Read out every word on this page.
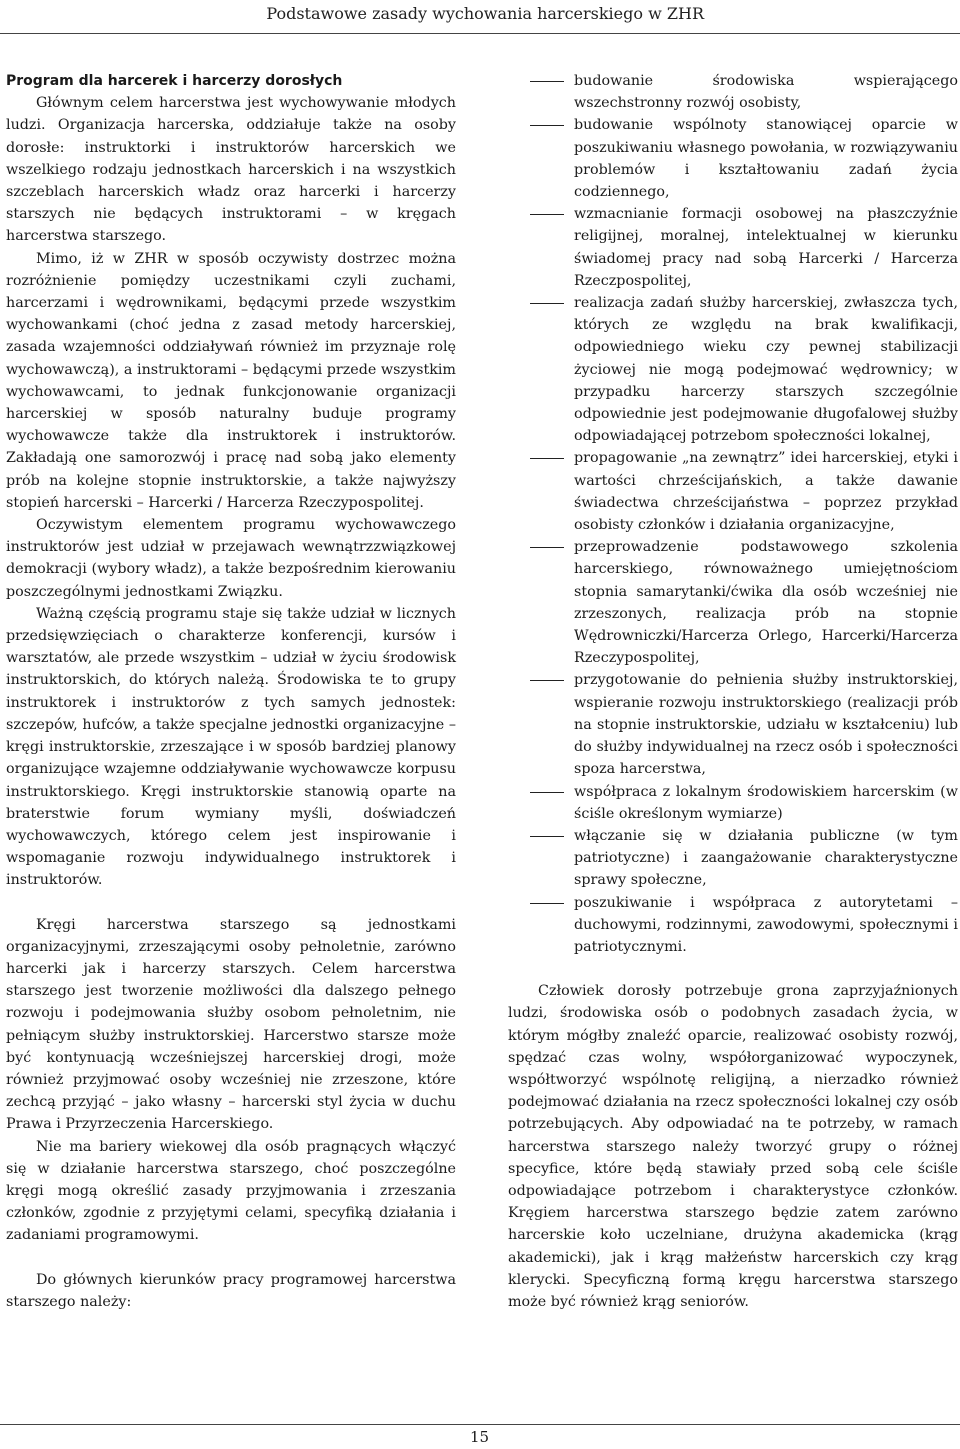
Podstawowe zasady wychowania harcerskiego w ZHR

Program dla harcerek i harcerzy dorosłych

Głównym celem harcerstwa jest wychowywanie młodych ludzi. Organizacja harcerska, oddziałuje także na osoby dorosłe: instruktorki i instruktorów harcerskich we wszelkiego rodzaju jednostkach harcerskich i na wszystkich szczeblach harcerskich władz oraz harcerki i harcerzy starszych nie będących instruktorami – w kręgach harcerstwa starszego.

Mimo, iż w ZHR w sposób oczywisty dostrzec można rozróżnienie pomiędzy uczestnikami czyli zuchami, harcerzami i wędrownikami, będącymi przede wszystkim wychowankami (choć jedna z zasad metody harcerskiej, zasada wzajemności oddziaływań również im przyznaje rolę wychowawczą), a instruktorami – będącymi przede wszystkim wychowawcami, to jednak funkcjonowanie organizacji harcerskiej w sposób naturalny buduje programy wychowawcze także dla instruktorek i instruktorów. Zakładają one samorozwój i pracę nad sobą jako elementy prób na kolejne stopnie instruktorskie, a także najwyższy stopień harcerski – Harcerki / Harcerza Rzeczypospolitej.

Oczywistym elementem programu wychowawczego instruktorów jest udział w przejawach wewnątrzzwiązkowej demokracji (wybory władz), a także bezpośrednim kierowaniu poszczególnymi jednostkami Związku.

Ważną częścią programu staje się także udział w licznych przedsięwzięciach o charakterze konferencji, kursów i warsztatów, ale przede wszystkim – udział w życiu środowisk instruktorskich, do których należą. Środowiska te to grupy instruktorek i instruktorów z tych samych jednostek: szczepów, hufców, a także specjalne jednostki organizacyjne – kręgi instruktorskie, zrzeszające i w sposób bardziej planowy organizujące wzajemne oddziaływanie wychowawcze korpusu instruktorskiego. Kręgi instruktorskie stanowią oparte na braterstwie forum wymiany myśli, doświadczeń wychowawczych, którego celem jest inspirowanie i wspomaganie rozwoju indywidualnego instruktorek i instruktorów.

Kręgi harcerstwa starszego są jednostkami organizacyjnymi, zrzeszającymi osoby pełnoletnie, zarówno harcerki jak i harcerzy starszych. Celem harcerstwa starszego jest tworzenie możliwości dla dalszego pełnego rozwoju i podejmowania służby osobom pełnoletnim, nie pełniącym służby instruktorskiej. Harcerstwo starsze może być kontynuacją wcześniejszej harcerskiej drogi, może również przyjmować osoby wcześniej nie zrzeszone, które zechcą przyjąć – jako własny – harcerski styl życia w duchu Prawa i Przyrzeczenia Harcerskiego.

Nie ma bariery wiekowej dla osób pragnących włączyć się w działanie harcerstwa starszego, choć poszczególne kręgi mogą określić zasady przyjmowania i zrzeszania członków, zgodnie z przyjętymi celami, specyfiką działania i zadaniami programowymi.

Do głównych kierunków pracy programowej harcerstwa starszego należy:

budowanie środowiska wspierającego wszechstronny rozwój osobisty,
budowanie wspólnoty stanowiącej oparcie w poszukiwaniu własnego powołania, w rozwiązywaniu problemów i kształtowaniu zadań życia codziennego,
wzmacnianie formacji osobowej na płaszczyźnie religijnej, moralnej, intelektualnej w kierunku świadomej pracy nad sobą Harcerki / Harcerza Rzeczpospolitej,
realizacja zadań służby harcerskiej, zwłaszcza tych, których ze względu na brak kwalifikacji, odpowiedniego wieku czy pewnej stabilizacji życiowej nie mogą podejmować wędrownicy; w przypadku harcerzy starszych szczególnie odpowiednie jest podejmowanie długofalowej służby odpowiadającej potrzebom społeczności lokalnej,
propagowanie „na zewnątrz” idei harcerskiej, etyki i wartości chrześcijańskich, a także dawanie świadectwa chrześcijaństwa – poprzez przykład osobisty członków i działania organizacyjne,
przeprowadzenie podstawowego szkolenia harcerskiego, równoważnego umiejętnościom stopnia samarytanki/ćwika dla osób wcześniej nie zrzeszonych, realizacja prób na stopnie Wędrowniczki/Harcerza Orlego, Harcerki/Harcerza Rzeczypospolitej,
przygotowanie do pełnienia służby instruktorskiej, wspieranie rozwoju instruktorskiego (realizacji prób na stopnie instruktorskie, udziału w kształceniu) lub do służby indywidualnej na rzecz osób i społeczności spoza harcerstwa,
współpraca z lokalnym środowiskiem harcerskim (w ściśle określonym wymiarze)
włączanie się w działania publiczne (w tym patriotyczne) i zaangażowanie charakterystyczne sprawy społeczne,
poszukiwanie i współpraca z autorytetami – duchowymi, rodzinnymi, zawodowymi, społecznymi i patriotycznymi.

Człowiek dorosły potrzebuje grona zaprzyjaźnionych ludzi, środowiska osób o podobnych zasadach życia, w którym mógłby znaleźć oparcie, realizować osobisty rozwój, spędzać czas wolny, współorganizować wypoczynek, współtworzyć wspólnotę religijną, a nierzadko również podejmować działania na rzecz społeczności lokalnej czy osób potrzebujących. Aby odpowiadać na te potrzeby, w ramach harcerstwa starszego należy tworzyć grupy o różnej specyfice, które będą stawiały przed sobą cele ściśle odpowiadające potrzebom i charakterystyce członków. Kręgiem harcerstwa starszego będzie zatem zarówno harcerskie koło uczelniane, drużyna akademicka (krąg akademicki), jak i krąg małżeństw harcerskich czy krąg klerycki. Specyficzną formą kręgu harcerstwa starszego może być również krąg seniorów.

15
